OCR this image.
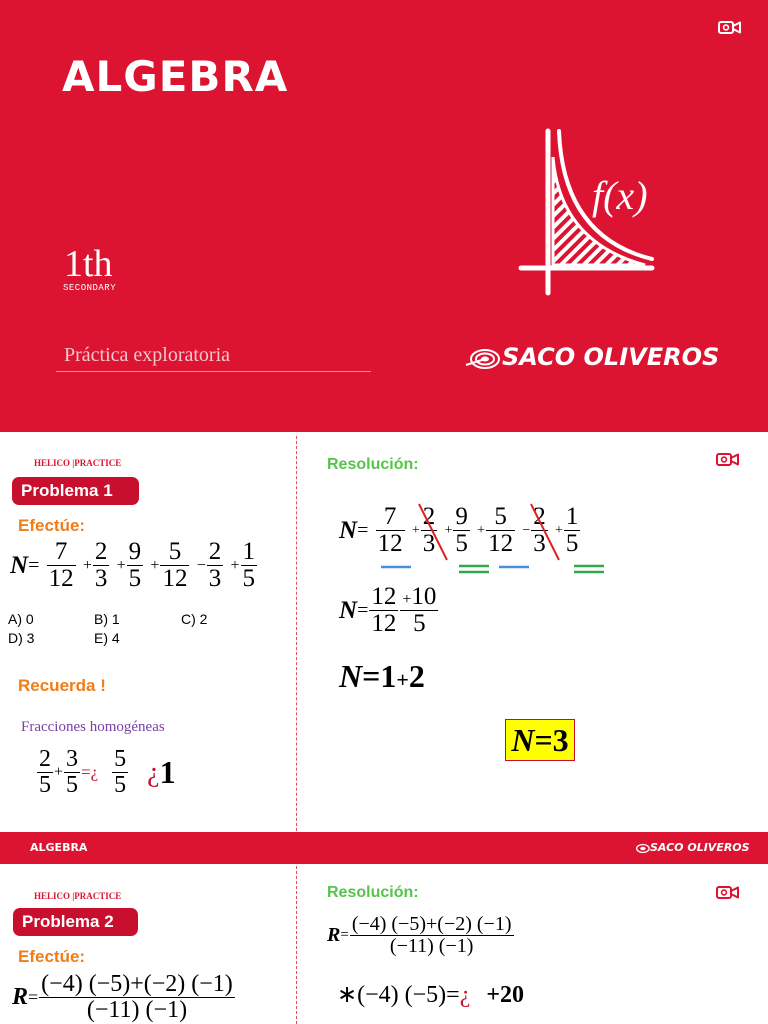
ALGEBRA
f(x)
1th
SECONDARY
Práctica exploratoria	SACO OLIVEROS
HELICO |PRACTICE
Problema 1
Efectúe:
$N= \frac{7}{12} + \frac{2}{3} + \frac{9}{5} + \frac{5}{12} - \frac{2}{3} + \frac{1}{5}$
A) 0	B) 1	C) 2
D) 3	E) 4
Recuerda !
Fracciones homogéneas
$\frac{2}{5} + \frac{3}{5}$ =¿ $\frac{5}{5}$ ¿1
Resolución:
$N= \frac{7}{12} + \frac{2}{3} + \frac{9}{5} + \frac{5}{12} - \frac{2}{3} + \frac{1}{5}$
$N= \frac{12}{12} \frac{+10}{5}$
N=1+2
N=3
ALGEBRA	SACO OLIVEROS
HELICO |PRACTICE
Problema 2
Efectúe:
$R= \frac{(-4) (-5)+(-2) (-1)}{(-11) (-1)}$
Resolución:
$R= \frac{(-4) (-5)+(-2) (-1)}{(-11) (-1)}$
∗(−4) (−5)=¿ +20
